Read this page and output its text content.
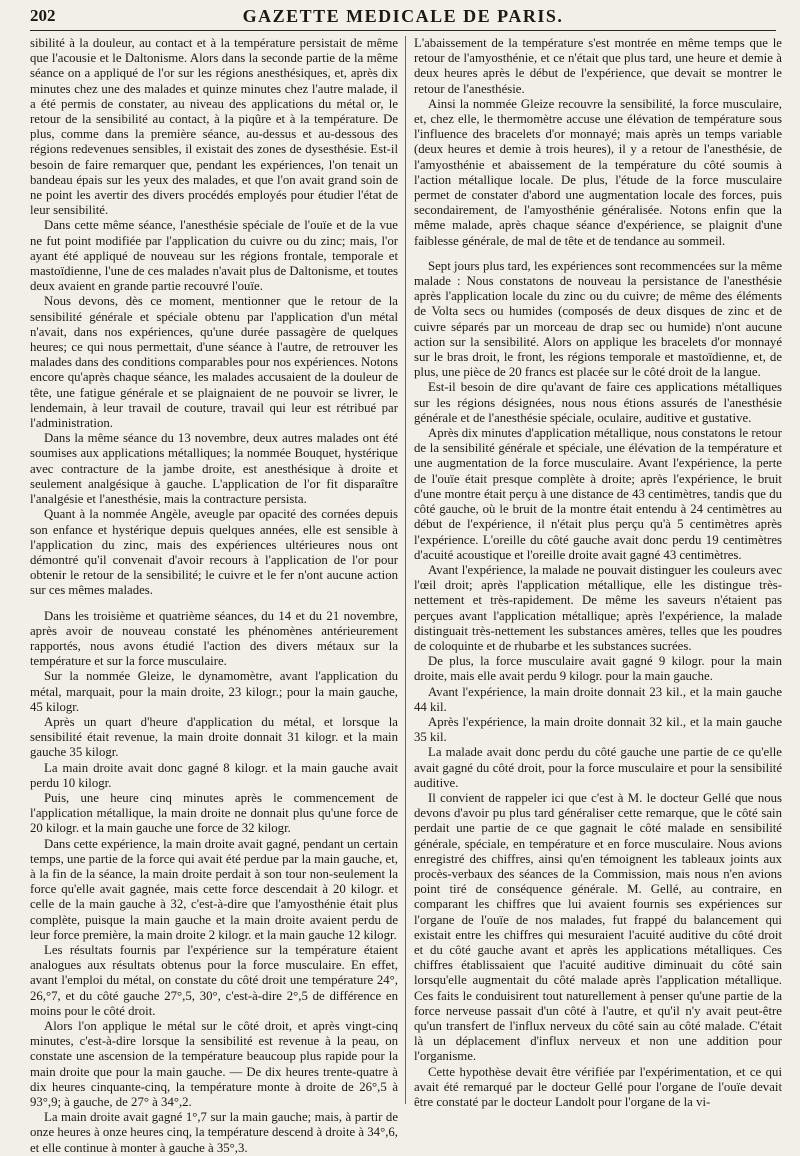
202	GAZETTE MEDICALE DE PARIS.

sibilité à la douleur, au contact et à la température persistait de même que l'acousie et le Daltonisme. Alors dans la seconde partie de la même séance on a appliqué de l'or sur les régions anesthésiques, et, après dix minutes chez une des malades et quinze minutes chez l'autre malade, il a été permis de constater, au niveau des applications du métal or, le retour de la sensibilité au contact, à la piqûre et à la température. De plus, comme dans la première séance, au-dessus et au-dessous des régions redevenues sensibles, il existait des zones de dysesthésie. Est-il besoin de faire remarquer que, pendant les expériences, l'on tenait un bandeau épais sur les yeux des malades, et que l'on avait grand soin de ne point les avertir des divers procédés employés pour étudier l'état de leur sensibilité.

Dans cette même séance, l'anesthésie spéciale de l'ouïe et de la vue ne fut point modifiée par l'application du cuivre ou du zinc; mais, l'or ayant été appliqué de nouveau sur les régions frontale, temporale et mastoïdienne, l'une de ces malades n'avait plus de Daltonisme, et toutes deux avaient en grande partie recouvré l'ouïe.

Nous devons, dès ce moment, mentionner que le retour de la sensibilité générale et spéciale obtenu par l'application d'un métal n'avait, dans nos expériences, qu'une durée passagère de quelques heures; ce qui nous permettait, d'une séance à l'autre, de retrouver les malades dans des conditions comparables pour nos expériences. Notons encore qu'après chaque séance, les malades accusaient de la douleur de tête, une fatigue générale et se plaignaient de ne pouvoir se livrer, le lendemain, à leur travail de couture, travail qui leur est rétribué par l'administration.

Dans la même séance du 13 novembre, deux autres malades ont été soumises aux applications métalliques; la nommée Bouquet, hystérique avec contracture de la jambe droite, est anesthésique à droite et seulement analgésique à gauche. L'application de l'or fit disparaître l'analgésie et l'anesthésie, mais la contracture persista.

Quant à la nommée Angèle, aveugle par opacité des cornées depuis son enfance et hystérique depuis quelques années, elle est sensible à l'application du zinc, mais des expériences ultérieures nous ont démontré qu'il convenait d'avoir recours à l'application de l'or pour obtenir le retour de la sensibilité; le cuivre et le fer n'ont aucune action sur ces mêmes malades.

Dans les troisième et quatrième séances, du 14 et du 21 novembre, après avoir de nouveau constaté les phénomènes antérieurement rapportés, nous avons étudié l'action des divers métaux sur la température et sur la force musculaire.

Sur la nommée Gleize, le dynamomètre, avant l'application du métal, marquait, pour la main droite, 23 kilogr.; pour la main gauche, 45 kilogr.

Après un quart d'heure d'application du métal, et lorsque la sensibilité était revenue, la main droite donnait 31 kilogr. et la main gauche 35 kilogr.

La main droite avait donc gagné 8 kilogr. et la main gauche avait perdu 10 kilogr.

Puis, une heure cinq minutes après le commencement de l'application métallique, la main droite ne donnait plus qu'une force de 20 kilogr. et la main gauche une force de 32 kilogr.

Dans cette expérience, la main droite avait gagné, pendant un certain temps, une partie de la force qui avait été perdue par la main gauche, et, à la fin de la séance, la main droite perdait à son tour non-seulement la force qu'elle avait gagnée, mais cette force descendait à 20 kilogr. et celle de la main gauche à 32, c'est-à-dire que l'amyosthénie était plus complète, puisque la main gauche et la main droite avaient perdu de leur force première, la main droite 2 kilogr. et la main gauche 12 kilogr.

Les résultats fournis par l'expérience sur la température étaient analogues aux résultats obtenus pour la force musculaire. En effet, avant l'emploi du métal, on constate du côté droit une température 24°, 26,°7, et du côté gauche 27°,5, 30°, c'est-à-dire 2°,5 de différence en moins pour le côté droit.

Alors l'on applique le métal sur le côté droit, et après vingt-cinq minutes, c'est-à-dire lorsque la sensibilité est revenue à la peau, on constate une ascension de la température beaucoup plus rapide pour la main droite que pour la main gauche. — De dix heures trente-quatre à dix heures cinquante-cinq, la température monte à droite de 26°,5 à 93°,9; à gauche, de 27° à 34°,2.

La main droite avait gagné 1°,7 sur la main gauche; mais, à partir de onze heures à onze heures cinq, la température descend à droite à 34°,6, et elle continue à monter à gauche à 35°,3.

L'abaissement de la température s'est montrée en même temps que le retour de l'amyosthénie, et ce n'était que plus tard, une heure et demie à deux heures après le début de l'expérience, que devait se montrer le retour de l'anesthésie.

Ainsi la nommée Gleize recouvre la sensibilité, la force musculaire, et, chez elle, le thermomètre accuse une élévation de température sous l'influence des bracelets d'or monnayé; mais après un temps variable (deux heures et demie à trois heures), il y a retour de l'anesthésie, de l'amyosthénie et abaissement de la température du côté soumis à l'action métallique locale. De plus, l'étude de la force musculaire permet de constater d'abord une augmentation locale des forces, puis secondairement, de l'amyosthénie généralisée. Notons enfin que la même malade, après chaque séance d'expérience, se plaignit d'une faiblesse générale, de mal de tête et de tendance au sommeil.

Sept jours plus tard, les expériences sont recommencées sur la même malade : Nous constatons de nouveau la persistance de l'anesthésie après l'application locale du zinc ou du cuivre; de même des éléments de Volta secs ou humides (composés de deux disques de zinc et de cuivre séparés par un morceau de drap sec ou humide) n'ont aucune action sur la sensibilité. Alors on applique les bracelets d'or monnayé sur le bras droit, le front, les régions temporale et mastoïdienne, et, de plus, une pièce de 20 francs est placée sur le côté droit de la langue.

Est-il besoin de dire qu'avant de faire ces applications métalliques sur les régions désignées, nous nous étions assurés de l'anesthésie générale et de l'anesthésie spéciale, oculaire, auditive et gustative.

Après dix minutes d'application métallique, nous constatons le retour de la sensibilité générale et spéciale, une élévation de la température et une augmentation de la force musculaire. Avant l'expérience, la perte de l'ouïe était presque complète à droite; après l'expérience, le bruit d'une montre était perçu à une distance de 43 centimètres, tandis que du côté gauche, où le bruit de la montre était entendu à 24 centimètres au début de l'expérience, il n'était plus perçu qu'à 5 centimètres après l'expérience. L'oreille du côté gauche avait donc perdu 19 centimètres d'acuité acoustique et l'oreille droite avait gagné 43 centimètres.

Avant l'expérience, la malade ne pouvait distinguer les couleurs avec l'œil droit; après l'application métallique, elle les distingue très-nettement et très-rapidement. De même les saveurs n'étaient pas perçues avant l'application métallique; après l'expérience, la malade distinguait très-nettement les substances amères, telles que les poudres de coloquinte et de rhubarbe et les substances sucrées.

De plus, la force musculaire avait gagné 9 kilogr. pour la main droite, mais elle avait perdu 9 kilogr. pour la main gauche.

Avant l'expérience, la main droite donnait 23 kil., et la main gauche 44 kil.

Après l'expérience, la main droite donnait 32 kil., et la main gauche 35 kil.

La malade avait donc perdu du côté gauche une partie de ce qu'elle avait gagné du côté droit, pour la force musculaire et pour la sensibilité auditive.

Il convient de rappeler ici que c'est à M. le docteur Gellé que nous devons d'avoir pu plus tard généraliser cette remarque, que le côté sain perdait une partie de ce que gagnait le côté malade en sensibilité générale, spéciale, en température et en force musculaire. Nous avions enregistré des chiffres, ainsi qu'en témoignent les tableaux joints aux procès-verbaux des séances de la Commission, mais nous n'en avions point tiré de conséquence générale. M. Gellé, au contraire, en comparant les chiffres que lui avaient fournis ses expériences sur l'organe de l'ouïe de nos malades, fut frappé du balancement qui existait entre les chiffres qui mesuraient l'acuité auditive du côté droit et du côté gauche avant et après les applications métalliques. Ces chiffres établissaient que l'acuité auditive diminuait du côté sain lorsqu'elle augmentait du côté malade après l'application métallique. Ces faits le conduisirent tout naturellement à penser qu'une partie de la force nerveuse passait d'un côté à l'autre, et qu'il n'y avait peut-être qu'un transfert de l'influx nerveux du côté sain au côté malade. C'était là un déplacement d'influx nerveux et non une addition pour l'organisme.

Cette hypothèse devait être vérifiée par l'expérimentation, et ce qui avait été remarqué par le docteur Gellé pour l'organe de l'ouïe devait être constaté par le docteur Landolt pour l'organe de la vi-
